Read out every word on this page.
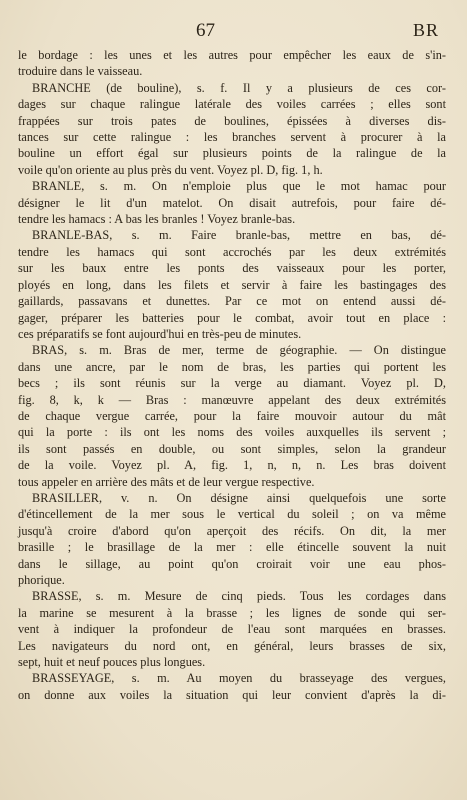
67	BR

le bordage : les unes et les autres pour empêcher les eaux de s'in-
troduire dans le vaisseau.

BRANCHE (de bouline), s. f. Il y a plusieurs de ces cor-
dages sur chaque ralingue latérale des voiles carrées ; elles sont
frappées sur trois pates de boulines, épissées à diverses dis-
tances sur cette ralingue : les branches servent à procurer à la
bouline un effort égal sur plusieurs points de la ralingue de la
voile qu'on oriente au plus près du vent. Voyez pl. D, fig. 1, h.

BRANLE, s. m. On n'emploie plus que le mot hamac pour
désigner le lit d'un matelot. On disait autrefois, pour faire dé-
tendre les hamacs : A bas les branles ! Voyez branle-bas.

BRANLE-BAS, s. m. Faire branle-bas, mettre en bas, dé-
tendre les hamacs qui sont accrochés par les deux extrémités
sur les baux entre les ponts des vaisseaux pour les porter,
ployés en long, dans les filets et servir à faire les bastingages des
gaillards, passavans et dunettes. Par ce mot on entend aussi dé-
gager, préparer les batteries pour le combat, avoir tout en place :
ces préparatifs se font aujourd'hui en très-peu de minutes.

BRAS, s. m. Bras de mer, terme de géographie. — On distingue
dans une ancre, par le nom de bras, les parties qui portent les
becs ; ils sont réunis sur la verge au diamant. Voyez pl. D,
fig. 8, k, k — Bras : manœuvre appelant des deux extrémités
de chaque vergue carrée, pour la faire mouvoir autour du mât
qui la porte : ils ont les noms des voiles auxquelles ils servent ;
ils sont passés en double, ou sont simples, selon la grandeur
de la voile. Voyez pl. A, fig. 1, n, n, n. Les bras doivent
tous appeler en arrière des mâts et de leur vergue respective.

BRASILLER, v. n. On désigne ainsi quelquefois une sorte
d'étincellement de la mer sous le vertical du soleil ; on va même
jusqu'à croire d'abord qu'on aperçoit des récifs. On dit, la mer
brasille ; le brasillage de la mer : elle étincelle souvent la nuit
dans le sillage, au point qu'on croirait voir une eau phos-
phorique.

BRASSE, s. m. Mesure de cinq pieds. Tous les cordages dans
la marine se mesurent à la brasse ; les lignes de sonde qui ser-
vent à indiquer la profondeur de l'eau sont marquées en brasses.
Les navigateurs du nord ont, en général, leurs brasses de six,
sept, huit et neuf pouces plus longues.

BRASSEYAGE, s. m. Au moyen du brasseyage des vergues,
on donne aux voiles la situation qui leur convient d'après la di-
